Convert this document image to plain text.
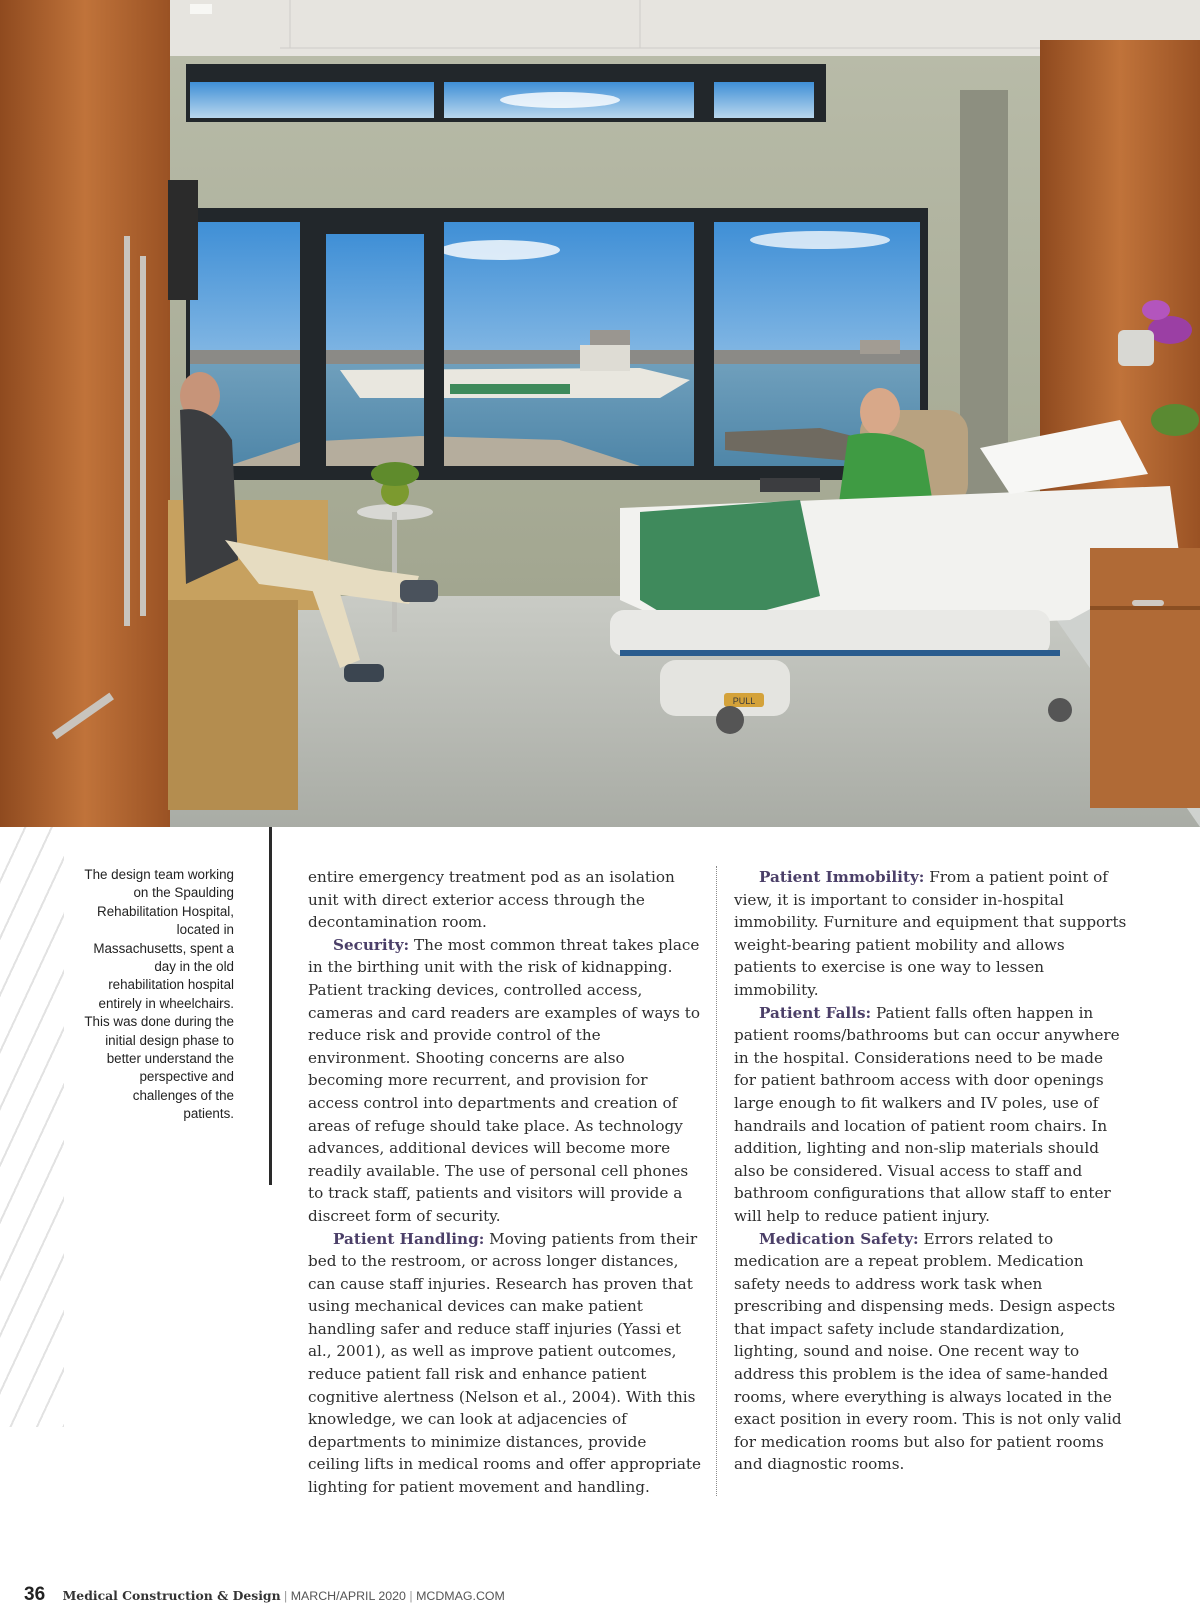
PULL
The design team working on the Spaulding Rehabilitation Hospital, located in Massachusetts, spent a day in the old rehabilitation hospital entirely in wheelchairs. This was done during the initial design phase to better understand the perspective and challenges of the patients.

entire emergency treatment pod as an isolation unit with direct exterior access through the decontamination room.

Security: The most common threat takes place in the birthing unit with the risk of kidnapping. Patient tracking devices, controlled access, cameras and card readers are examples of ways to reduce risk and provide control of the environment. Shooting concerns are also becoming more recurrent, and provision for access control into departments and creation of areas of refuge should take place. As technology advances, additional devices will become more readily available. The use of personal cell phones to track staff, patients and visitors will provide a discreet form of security.

Patient Handling: Moving patients from their bed to the restroom, or across longer distances, can cause staff injuries. Research has proven that using mechanical devices can make patient handling safer and reduce staff injuries (Yassi et al., 2001), as well as improve patient outcomes, reduce patient fall risk and enhance patient cognitive alertness (Nelson et al., 2004). With this knowledge, we can look at adjacencies of departments to minimize distances, provide ceiling lifts in medical rooms and offer appropriate lighting for patient movement and handling.

Patient Immobility: From a patient point of view, it is important to consider in-hospital immobility. Furniture and equipment that supports weight-bearing patient mobility and allows patients to exercise is one way to lessen immobility.

Patient Falls: Patient falls often happen in patient rooms/bathrooms but can occur anywhere in the hospital. Considerations need to be made for patient bathroom access with door openings large enough to fit walkers and IV poles, use of handrails and location of patient room chairs. In addition, lighting and non-slip materials should also be considered. Visual access to staff and bathroom configurations that allow staff to enter will help to reduce patient injury.

Medication Safety: Errors related to medication are a repeat problem. Medication safety needs to address work task when prescribing and dispensing meds. Design aspects that impact safety include standardization, lighting, sound and noise. One recent way to address this problem is the idea of same-handed rooms, where everything is always located in the exact position in every room. This is not only valid for medication rooms but also for patient rooms and diagnostic rooms.

36 Medical Construction & Design | MARCH/APRIL 2020 | MCDMAG.COM
